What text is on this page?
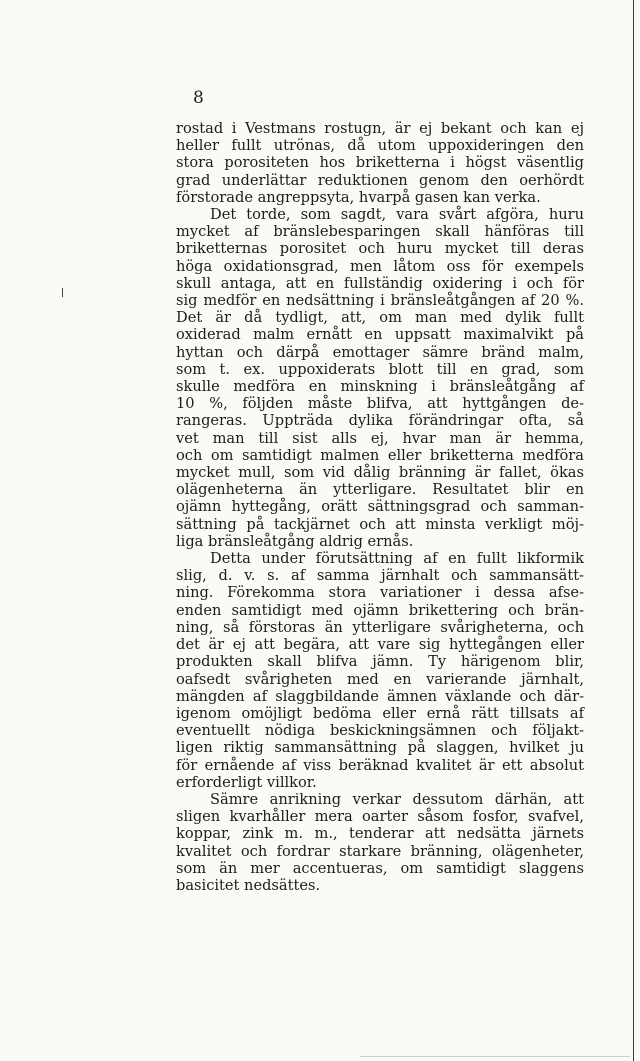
8
rostad i Vestmans rostugn, är ej bekant och kan ej
heller fullt utrönas, då utom uppoxideringen den
stora porositeten hos briketterna i högst väsentlig
grad underlättar reduktionen genom den oerhördt
förstorade angreppsyta, hvarpå gasen kan verka.
Det torde, som sagdt, vara svårt afgöra, huru
mycket af bränslebesparingen skall hänföras till
briketternas porositet och huru mycket till deras
höga oxidationsgrad, men låtom oss för exempels
skull antaga, att en fullständig oxidering i och för
sig medför en nedsättning i bränsleåtgången af 20 %.
Det är då tydligt, att, om man med dylik fullt
oxiderad malm ernått en uppsatt maximalvikt på
hyttan och därpå emottager sämre bränd malm,
som t. ex. uppoxiderats blott till en grad, som
skulle medföra en minskning i bränsleåtgång af
10 %, följden måste blifva, att hyttgången de-
rangeras. Uppträda dylika förändringar ofta, så
vet man till sist alls ej, hvar man är hemma,
och om samtidigt malmen eller briketterna medföra
mycket mull, som vid dålig bränning är fallet, ökas
olägenheterna än ytterligare. Resultatet blir en
ojämn hyttegång, orätt sättningsgrad och samman-
sättning på tackjärnet och att minsta verkligt möj-
liga bränsleåtgång aldrig ernås.
Detta under förutsättning af en fullt likformik
slig, d. v. s. af samma järnhalt och sammansätt-
ning. Förekomma stora variationer i dessa afse-
enden samtidigt med ojämn brikettering och brän-
ning, så förstoras än ytterligare svårigheterna, och
det är ej att begära, att vare sig hyttegången eller
produkten skall blifva jämn. Ty härigenom blir,
oafsedt svårigheten med en varierande järnhalt,
mängden af slaggbildande ämnen växlande och där-
igenom omöjligt bedöma eller ernå rätt tillsats af
eventuellt nödiga beskickningsämnen och följakt-
ligen riktig sammansättning på slaggen, hvilket ju
för ernående af viss beräknad kvalitet är ett absolut
erforderligt villkor.
Sämre anrikning verkar dessutom därhän, att
sligen kvarhåller mera oarter såsom fosfor, svafvel,
koppar, zink m. m., tenderar att nedsätta järnets
kvalitet och fordrar starkare bränning, olägenheter,
som än mer accentueras, om samtidigt slaggens
basicitet nedsättes.
